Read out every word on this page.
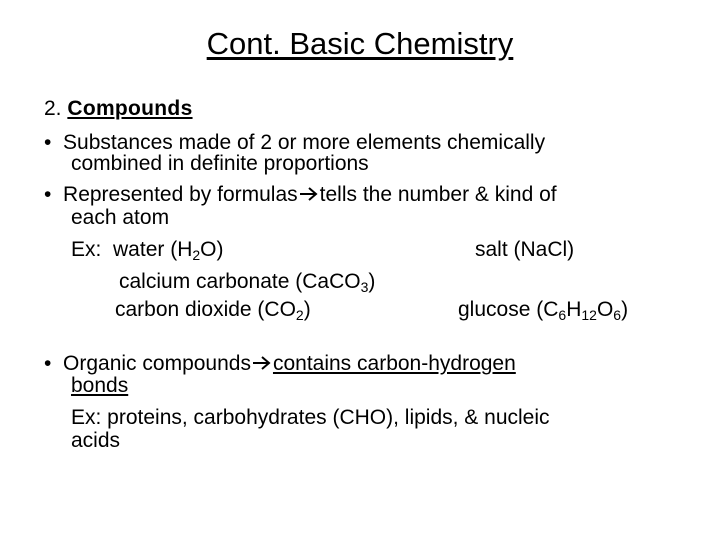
Cont. Basic Chemistry
2. Compounds
• Substances made of 2 or more elements chemically
combined in definite proportions
• Represented by formulas tells the number & kind of
each atom
Ex: water $(H_2O)$	salt (NaCl)
calcium carbonate (CaCO$_3$)
carbon dioxide $(CO_2)$	glucose $(C_6H_{12}O_6)$
• Organic compounds contains carbon-hydrogen
bonds
Ex: proteins, carbohydrates (CHO), lipids, & nucleic
acids
